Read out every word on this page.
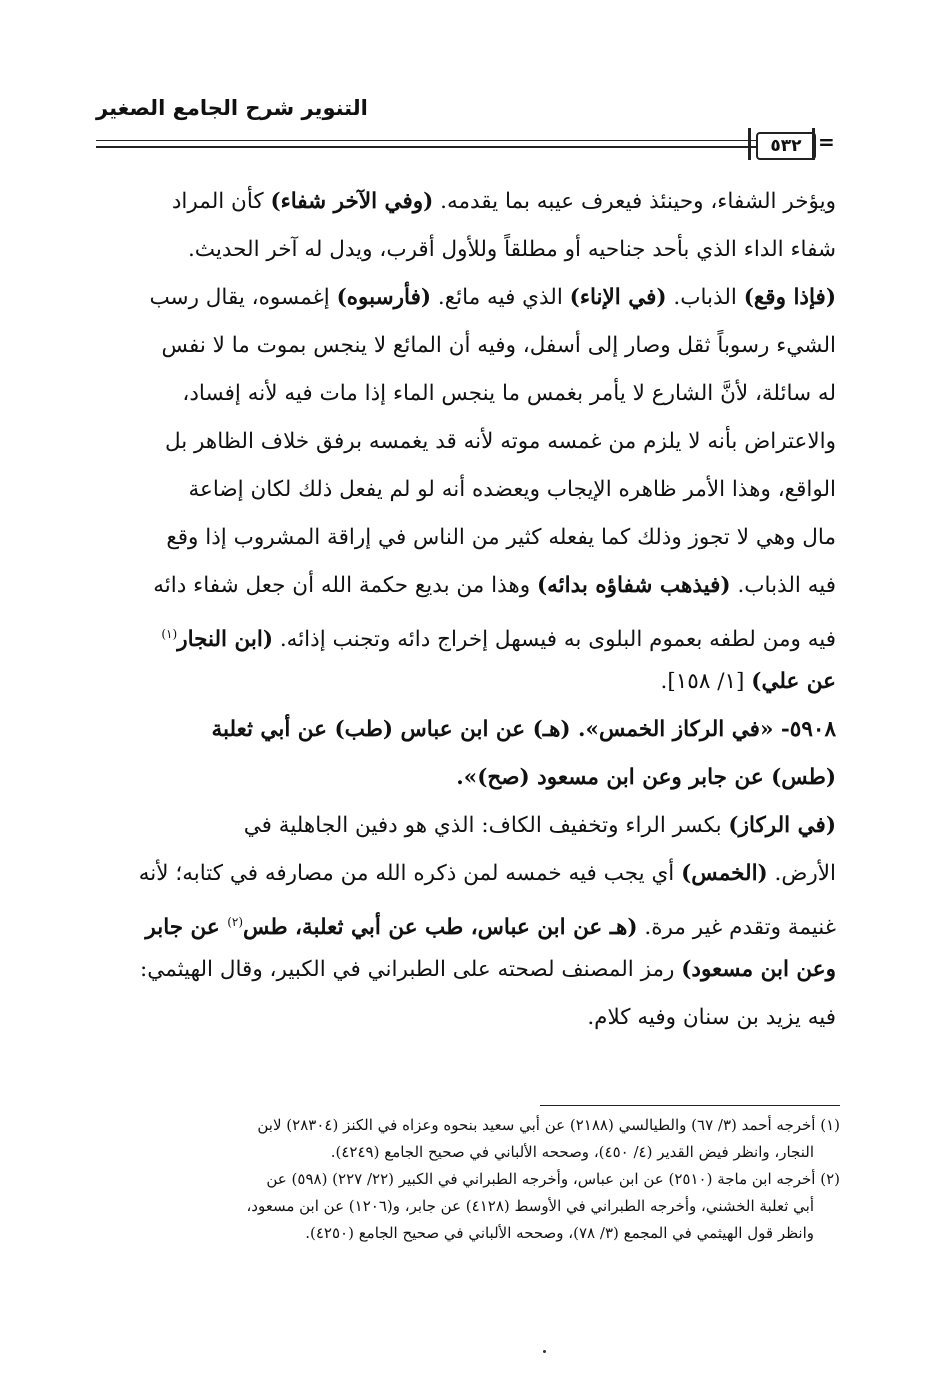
التنوير شرح الجامع الصغير
٥٣٢ =
ويؤخر الشفاء، وحينئذ فيعرف عيبه بما يقدمه. (وفي الآخر شفاء) كأن المراد
شفاء الداء الذي بأحد جناحيه أو مطلقاً وللأول أقرب، ويدل له آخر الحديث.
(فإذا وقع) الذباب. (في الإناء) الذي فيه مائع. (فأرسبوه) إغمسوه، يقال رسب
الشيء رسوباً ثقل وصار إلى أسفل، وفيه أن المائع لا ينجس بموت ما لا نفس
له سائلة، لأنَّ الشارع لا يأمر بغمس ما ينجس الماء إذا مات فيه لأنه إفساد،
والاعتراض بأنه لا يلزم من غمسه موته لأنه قد يغمسه برفق خلاف الظاهر بل
الواقع، وهذا الأمر ظاهره الإيجاب ويعضده أنه لو لم يفعل ذلك لكان إضاعة
مال وهي لا تجوز وذلك كما يفعله كثير من الناس في إراقة المشروب إذا وقع
فيه الذباب. (فيذهب شفاؤه بدائه) وهذا من بديع حكمة الله أن جعل شفاء دائه
فيه ومن لطفه بعموم البلوى به فيسهل إخراج دائه وتجنب إذائه. (ابن النجار$^{(١)}$
عن علي) [١/ ١٥٨].
٥٩٠٨- «في الركاز الخمس». (هـ) عن ابن عباس (طب) عن أبي ثعلبة
(طس) عن جابر وعن ابن مسعود (صح)».
(في الركاز) بكسر الراء وتخفيف الكاف: الذي هو دفين الجاهلية في
الأرض. (الخمس) أي يجب فيه خمسه لمن ذكره الله من مصارفه في كتابه؛ لأنه
غنيمة وتقدم غير مرة. (هـ عن ابن عباس، طب عن أبي ثعلبة، طس$^{(٢)}$ عن جابر
وعن ابن مسعود) رمز المصنف لصحته على الطبراني في الكبير، وقال الهيثمي:
فيه يزيد بن سنان وفيه كلام.
(١) أخرجه أحمد (٣/ ٦٧) والطيالسي (٢١٨٨) عن أبي سعيد بنحوه وعزاه في الكنز (٢٨٣٠٤) لابن
النجار، وانظر فيض القدير (٤/ ٤٥٠)، وصححه الألباني في صحيح الجامع (٤٢٤٩).
(٢) أخرجه ابن ماجة (٢٥١٠) عن ابن عباس، وأخرجه الطبراني في الكبير (٢٢/ ٢٢٧) (٥٩٨) عن
أبي ثعلبة الخشني، وأخرجه الطبراني في الأوسط (٤١٢٨) عن جابر، و(١٢٠٦) عن ابن مسعود،
وانظر قول الهيثمي في المجمع (٣/ ٧٨)، وصححه الألباني في صحيح الجامع (٤٢٥٠).
